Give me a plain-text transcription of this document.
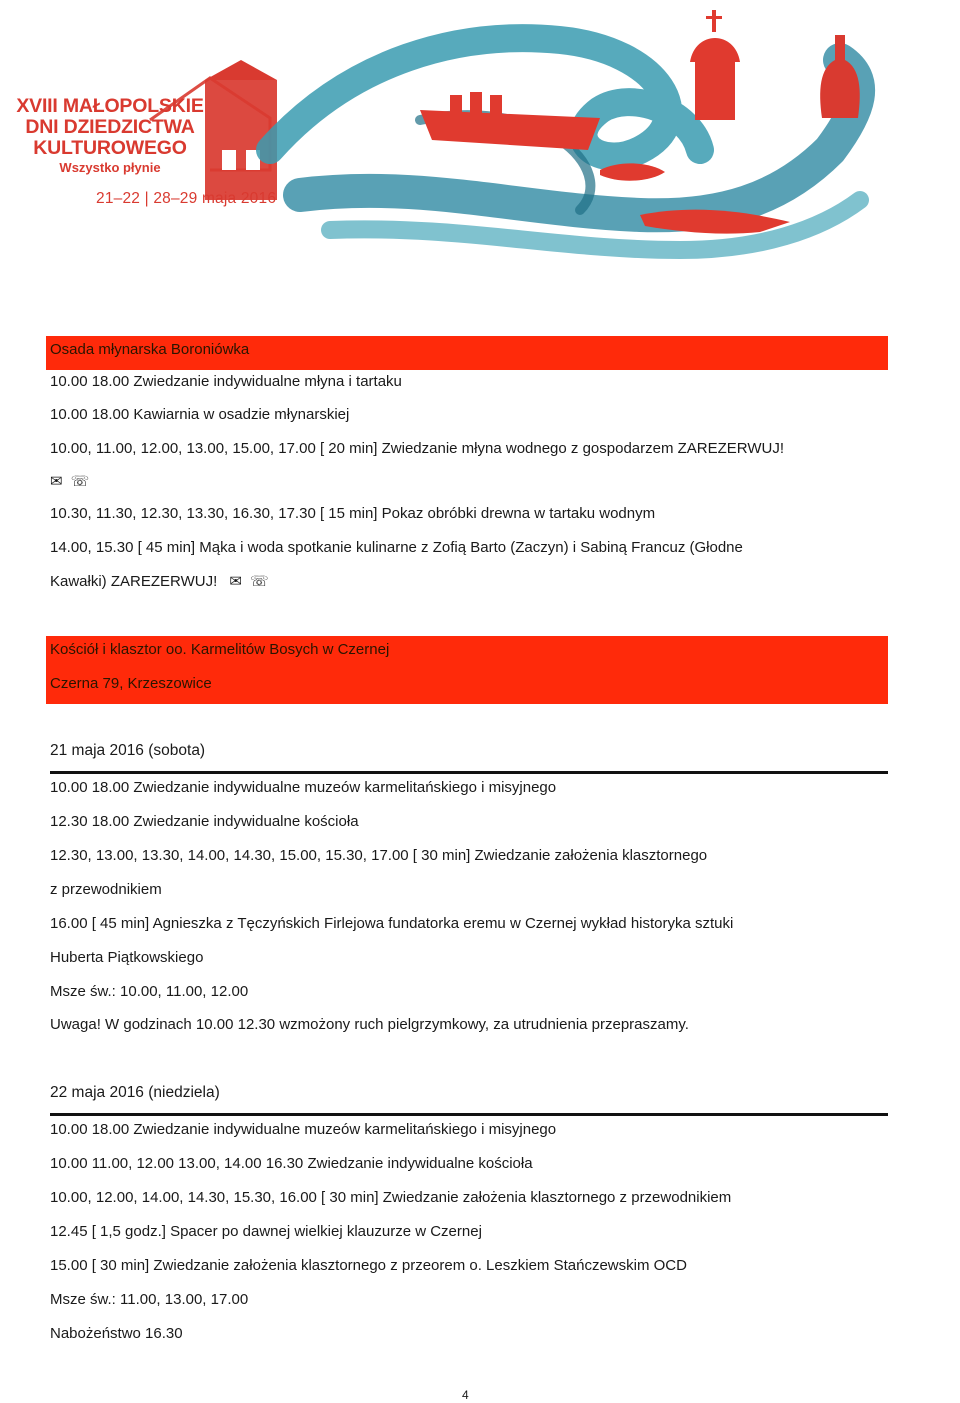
XVIII MAŁOPOLSKIE
DNI DZIEDZICTWA
KULTUROWEGO
Wszystko płynie
21–22 | 28–29 maja 2016
Osada młynarska Boroniówka
10.00 18.00 Zwiedzanie indywidualne młyna i tartaku
10.00 18.00 Kawiarnia w osadzie młynarskiej
10.00, 11.00, 12.00, 13.00, 15.00, 17.00 [ 20 min] Zwiedzanie młyna wodnego z gospodarzem ZAREZERWUJ!
✉ ☏
10.30, 11.30, 12.30, 13.30, 16.30, 17.30 [ 15 min] Pokaz obróbki drewna w tartaku wodnym
14.00, 15.30 [ 45 min] Mąka i woda spotkanie kulinarne z Zofią Barto (Zaczyn) i Sabiną Francuz (Głodne
Kawałki) ZAREZERWUJ! ✉ ☏
Kościół i klasztor oo. Karmelitów Bosych w Czernej
Czerna 79, Krzeszowice
21 maja 2016 (sobota)
10.00 18.00 Zwiedzanie indywidualne muzeów karmelitańskiego i misyjnego
12.30 18.00 Zwiedzanie indywidualne kościoła
12.30, 13.00, 13.30, 14.00, 14.30, 15.00, 15.30, 17.00 [ 30 min] Zwiedzanie założenia klasztornego
z przewodnikiem
16.00 [ 45 min] Agnieszka z Tęczyńskich Firlejowa fundatorka eremu w Czernej wykład historyka sztuki
Huberta Piątkowskiego
Msze św.: 10.00, 11.00, 12.00
Uwaga! W godzinach 10.00 12.30 wzmożony ruch pielgrzymkowy, za utrudnienia przepraszamy.
22 maja 2016 (niedziela)
10.00 18.00 Zwiedzanie indywidualne muzeów karmelitańskiego i misyjnego
10.00 11.00, 12.00 13.00, 14.00 16.30 Zwiedzanie indywidualne kościoła
10.00, 12.00, 14.00, 14.30, 15.30, 16.00 [ 30 min] Zwiedzanie założenia klasztornego z przewodnikiem
12.45 [ 1,5 godz.] Spacer po dawnej wielkiej klauzurze w Czernej
15.00 [ 30 min] Zwiedzanie założenia klasztornego z przeorem o. Leszkiem Stańczewskim OCD
Msze św.: 11.00, 13.00, 17.00
Nabożeństwo 16.30
4
